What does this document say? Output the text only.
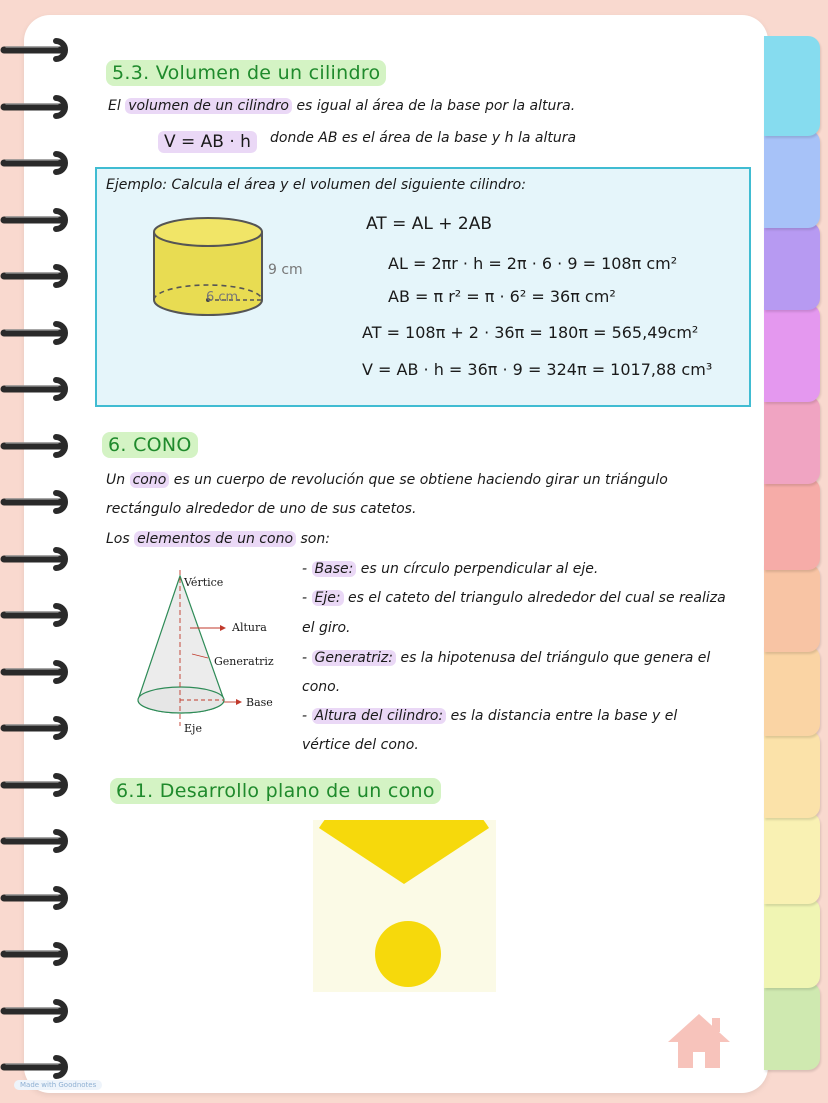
5.3. Volumen de un cilindro
El volumen de un cilindro es igual al área de la base por la altura.
V = AB · h	donde AB es el área de la base y h la altura
Ejemplo: Calcula el área y el volumen del siguiente cilindro:
9 cm
6 cm
AT = AL + 2AB
AL = 2πr · h = 2π · 6 · 9 = 108π cm²
AB = π r² = π · 6² = 36π cm²
AT = 108π + 2 · 36π = 180π = 565,49cm²
V = AB · h = 36π · 9 = 324π = 1017,88 cm³
6. CONO
Un cono es un cuerpo de revolución que se obtiene haciendo girar un triángulo
rectángulo alrededor de uno de sus catetos.
Los elementos de un cono son:
Vértice
Altura
Generatriz
Base
Eje
- Base: es un círculo perpendicular al eje.
- Eje: es el cateto del triangulo alrededor del cual se realiza
el giro.
- Generatriz: es la hipotenusa del triángulo que genera el
cono.
- Altura del cilindro: es la distancia entre la base y el
vértice del cono.
6.1. Desarrollo plano de un cono
Made with Goodnotes
